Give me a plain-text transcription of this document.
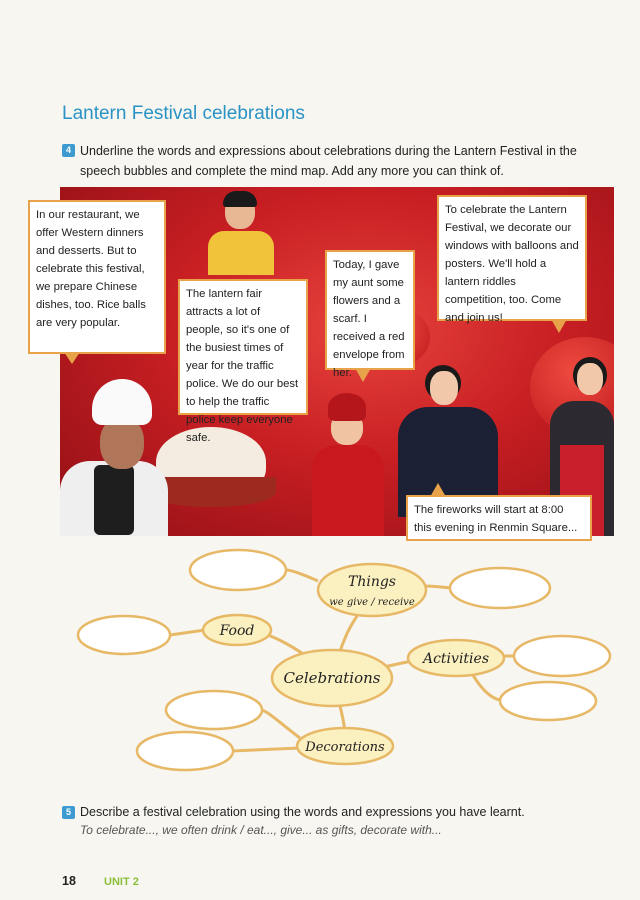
Lantern Festival celebrations
4 Underline the words and expressions about celebrations during the Lantern Festival in the speech bubbles and complete the mind map. Add any more you can think of.
In our restaurant, we offer Western dinners and desserts. But to celebrate this festival, we prepare Chinese dishes, too. Rice balls are very popular.
The lantern fair attracts a lot of people, so it's one of the busiest times of year for the traffic police. We do our best to help the traffic police keep everyone safe.
Today, I gave my aunt some flowers and a scarf. I received a red envelope from her.
To celebrate the Lantern Festival, we decorate our windows with balloons and posters. We'll hold a lantern riddles competition, too. Come and join us!
The fireworks will start at 8:00 this evening in Renmin Square...
Food
Things
we give / receive
Activities
Celebrations
Decorations
5 Describe a festival celebration using the words and expressions you have learnt.
To celebrate..., we often drink / eat..., give... as gifts, decorate with...
18	UNIT 2
